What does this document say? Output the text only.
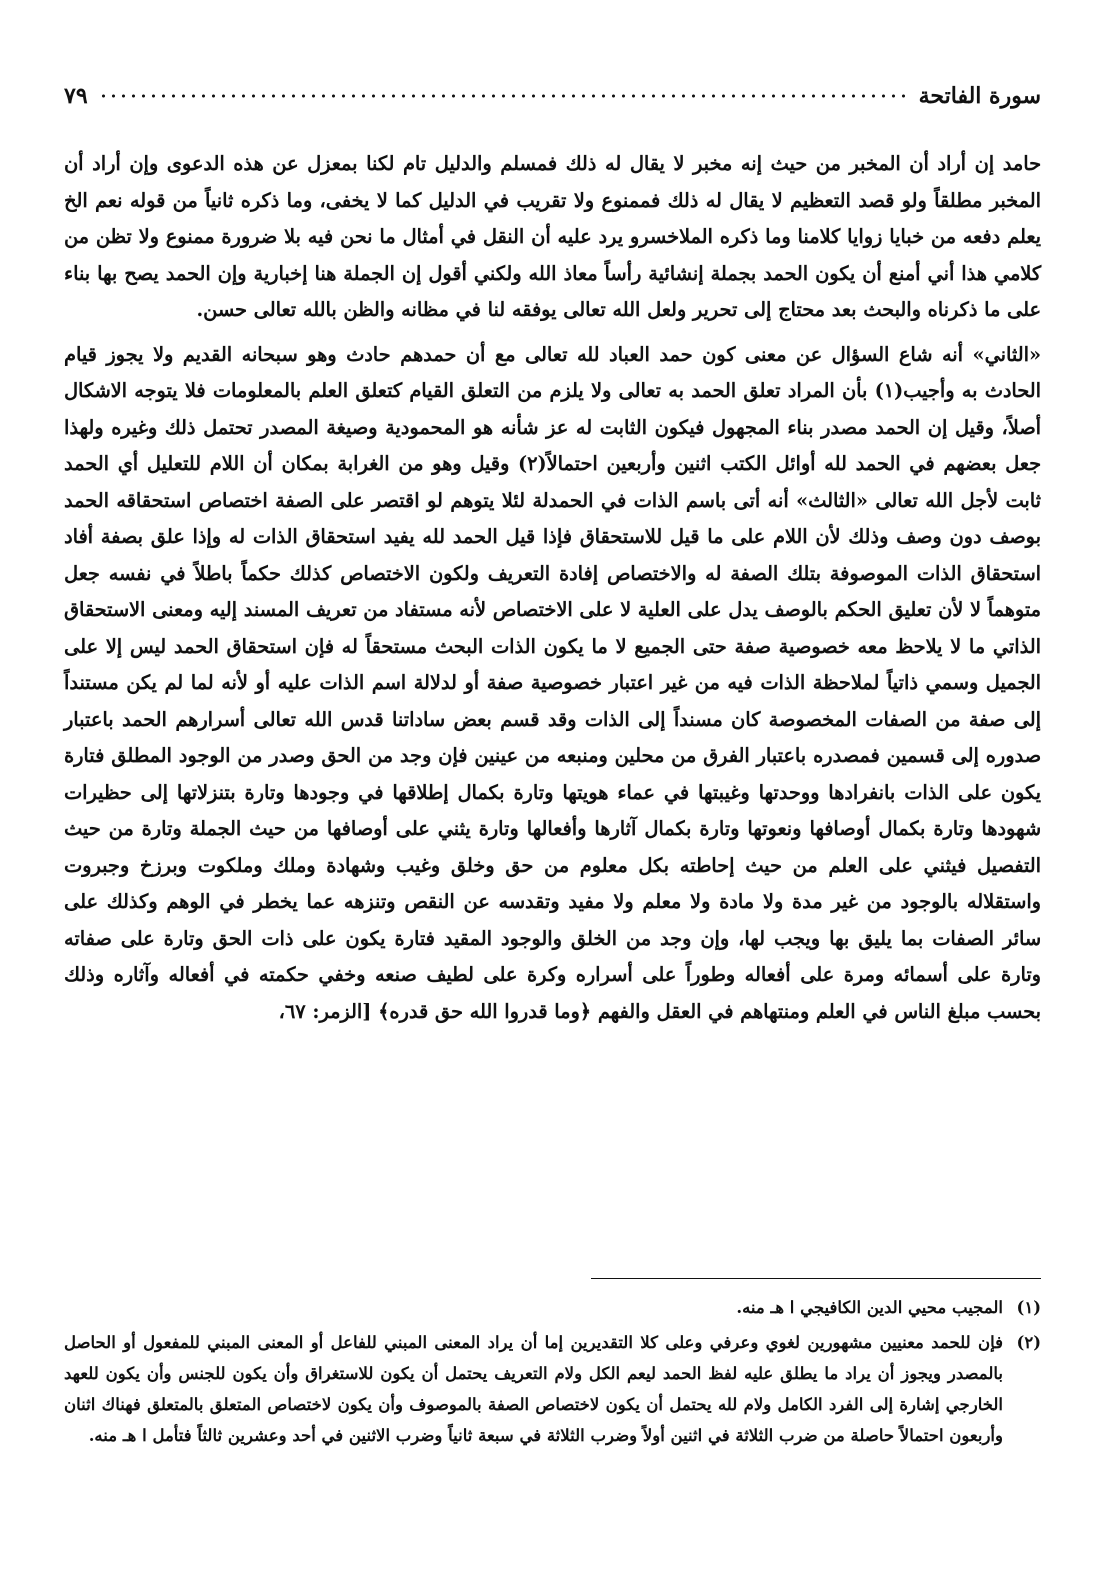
سورة الفاتحة
٧٩

حامد إن أراد أن المخبر من حيث إنه مخبر لا يقال له ذلك فمسلم والدليل تام لكنا بمعزل عن هذه الدعوى وإن أراد أن المخبر مطلقاً ولو قصد التعظيم لا يقال له ذلك فممنوع ولا تقريب في الدليل كما لا يخفى، وما ذكره ثانياً من قوله نعم الخ يعلم دفعه من خبايا زوايا كلامنا وما ذكره الملاخسرو يرد عليه أن النقل في أمثال ما نحن فيه بلا ضرورة ممنوع ولا تظن من كلامي هذا أني أمنع أن يكون الحمد بجملة إنشائية رأساً معاذ الله ولكني أقول إن الجملة هنا إخبارية وإن الحمد يصح بها بناء على ما ذكرناه والبحث بعد محتاج إلى تحرير ولعل الله تعالى يوفقه لنا في مظانه والظن بالله تعالى حسن.

«الثاني» أنه شاع السؤال عن معنى كون حمد العباد لله تعالى مع أن حمدهم حادث وهو سبحانه القديم ولا يجوز قيام الحادث به وأجيب(١) بأن المراد تعلق الحمد به تعالى ولا يلزم من التعلق القيام كتعلق العلم بالمعلومات فلا يتوجه الاشكال أصلاً، وقيل إن الحمد مصدر بناء المجهول فيكون الثابت له عز شأنه هو المحمودية وصيغة المصدر تحتمل ذلك وغيره ولهذا جعل بعضهم في الحمد لله أوائل الكتب اثنين وأربعين احتمالاً(٢) وقيل وهو من الغرابة بمكان أن اللام للتعليل أي الحمد ثابت لأجل الله تعالى «الثالث» أنه أتى باسم الذات في الحمدلة لئلا يتوهم لو اقتصر على الصفة اختصاص استحقاقه الحمد بوصف دون وصف وذلك لأن اللام على ما قيل للاستحقاق فإذا قيل الحمد لله يفيد استحقاق الذات له وإذا علق بصفة أفاد استحقاق الذات الموصوفة بتلك الصفة له والاختصاص إفادة التعريف ولكون الاختصاص كذلك حكماً باطلاً في نفسه جعل متوهماً لا لأن تعليق الحكم بالوصف يدل على العلية لا على الاختصاص لأنه مستفاد من تعريف المسند إليه ومعنى الاستحقاق الذاتي ما لا يلاحظ معه خصوصية صفة حتى الجميع لا ما يكون الذات البحث مستحقاً له فإن استحقاق الحمد ليس إلا على الجميل وسمي ذاتياً لملاحظة الذات فيه من غير اعتبار خصوصية صفة أو لدلالة اسم الذات عليه أو لأنه لما لم يكن مستنداً إلى صفة من الصفات المخصوصة كان مسنداً إلى الذات وقد قسم بعض ساداتنا قدس الله تعالى أسرارهم الحمد باعتبار صدوره إلى قسمين فمصدره باعتبار الفرق من محلين ومنبعه من عينين فإن وجد من الحق وصدر من الوجود المطلق فتارة يكون على الذات بانفرادها ووحدتها وغيبتها في عماء هويتها وتارة بكمال إطلاقها في وجودها وتارة بتنزلاتها إلى حظيرات شهودها وتارة بكمال أوصافها ونعوتها وتارة بكمال آثارها وأفعالها وتارة يثني على أوصافها من حيث الجملة وتارة من حيث التفصيل فيثني على العلم من حيث إحاطته بكل معلوم من حق وخلق وغيب وشهادة وملك وملكوت وبرزخ وجبروت واستقلاله بالوجود من غير مدة ولا مادة ولا معلم ولا مفيد وتقدسه عن النقص وتنزهه عما يخطر في الوهم وكذلك على سائر الصفات بما يليق بها ويجب لها، وإن وجد من الخلق والوجود المقيد فتارة يكون على ذات الحق وتارة على صفاته وتارة على أسمائه ومرة على أفعاله وطوراً على أسراره وكرة على لطيف صنعه وخفي حكمته في أفعاله وآثاره وذلك بحسب مبلغ الناس في العلم ومنتهاهم في العقل والفهم ﴿وما قدروا الله حق قدره﴾ [الزمر: ٦٧،

(١)
المجيب محيي الدين الكافيجي ا هـ منه.
(٢)
فإن للحمد معنيين مشهورين لغوي وعرفي وعلى كلا التقديرين إما أن يراد المعنى المبني للفاعل أو المعنى المبني للمفعول أو الحاصل بالمصدر ويجوز أن يراد ما يطلق عليه لفظ الحمد ليعم الكل ولام التعريف يحتمل أن يكون للاستغراق وأن يكون للجنس وأن يكون للعهد الخارجي إشارة إلى الفرد الكامل ولام لله يحتمل أن يكون لاختصاص الصفة بالموصوف وأن يكون لاختصاص المتعلق بالمتعلق فهناك اثنان وأربعون احتمالاً حاصلة من ضرب الثلاثة في اثنين أولاً وضرب الثلاثة في سبعة ثانياً وضرب الاثنين في أحد وعشرين ثالثاً فتأمل ا هـ منه.
